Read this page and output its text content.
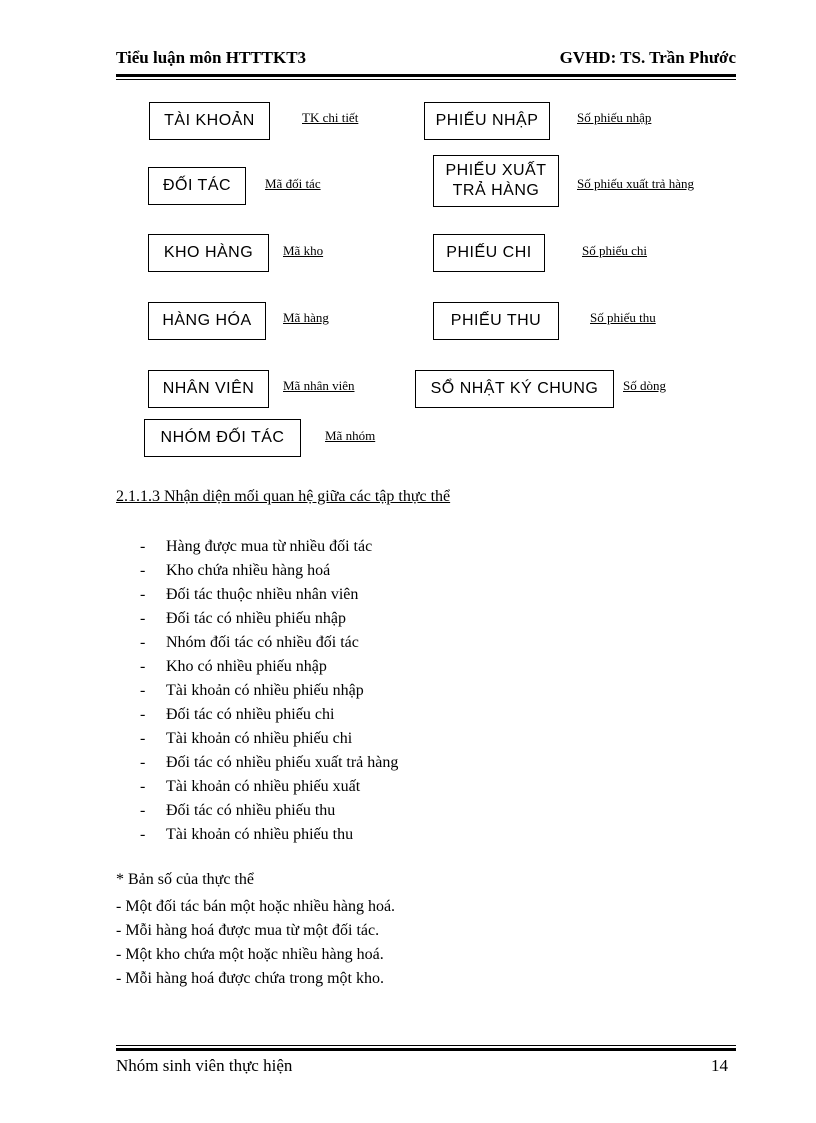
Tiểu luận môn HTTTKT3	GVHD: TS. Trần Phước
TÀI KHOẢN	TK chi tiết
ĐỐI TÁC	Mã đối tác
KHO HÀNG	Mã kho
HÀNG HÓA	Mã hàng
NHÂN VIÊN	Mã nhân viên
NHÓM ĐỐI TÁC	Mã nhóm
PHIẾU NHẬP	Số phiếu nhập
PHIẾU XUẤT
TRẢ HÀNG	Số phiếu xuất trả hàng
PHIẾU CHI	Số phiếu chi
PHIẾU THU	Số phiếu thu
SỔ NHẬT KÝ CHUNG	Số dòng
2.1.1.3 Nhận diện mối quan hệ giữa các tập thực thể
- Hàng được mua từ nhiều đối tác
- Kho chứa nhiều hàng hoá
- Đối tác thuộc nhiều nhân viên
- Đối tác có nhiều phiếu nhập
- Nhóm đối tác có nhiều đối tác
- Kho có nhiều phiếu nhập
- Tài khoản có nhiều phiếu nhập
- Đối tác có nhiều phiếu chi
- Tài khoản có nhiều phiếu chi
- Đối tác có nhiều phiếu xuất trả hàng
- Tài khoản có nhiều phiếu xuất
- Đối tác có nhiều phiếu thu
- Tài khoản có nhiều phiếu thu
* Bản số của thực thể
- Một đối tác bán một hoặc nhiều hàng hoá.
- Mỗi hàng hoá được mua từ một đối tác.
- Một kho chứa một hoặc nhiều hàng hoá.
- Mỗi hàng hoá được chứa trong một kho.
Nhóm sinh viên thực hiện	14
